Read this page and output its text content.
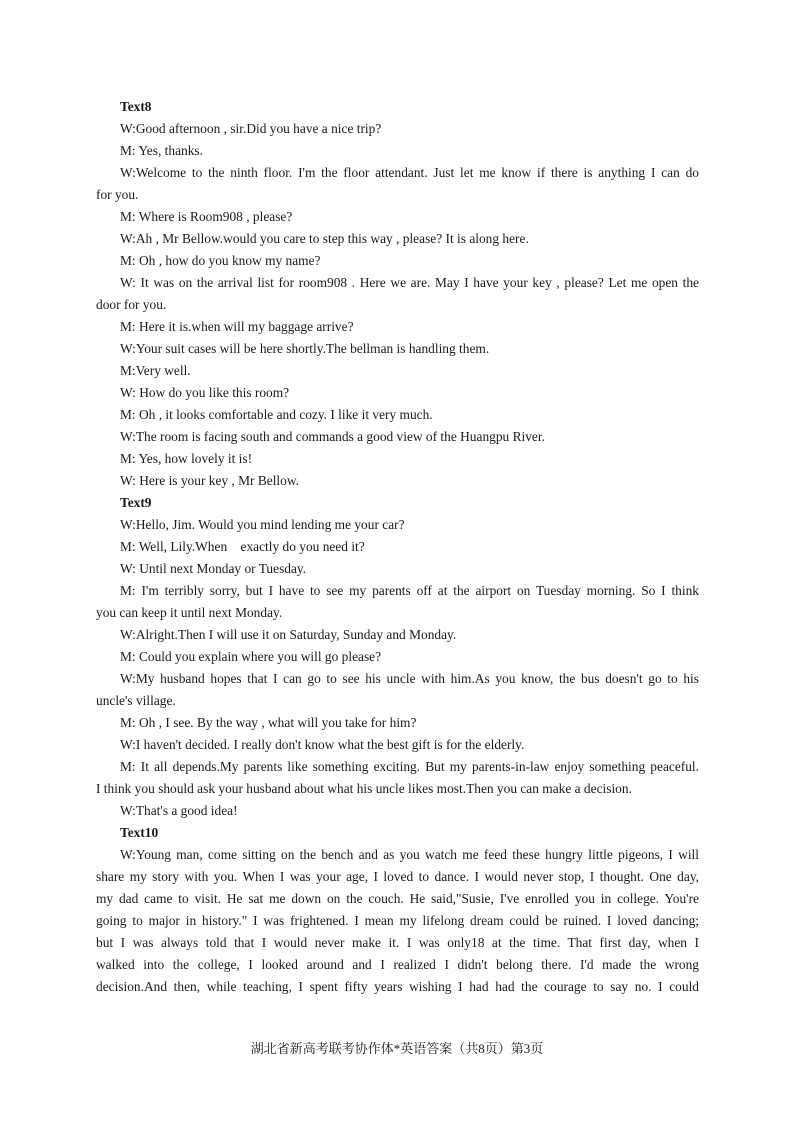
Text8
W:Good afternoon , sir.Did you have a nice trip?
M: Yes, thanks.
W:Welcome to the ninth floor. I'm the floor attendant. Just let me know if there is anything I can do
for you.
M: Where is Room908 , please?
W:Ah , Mr Bellow.would you care to step this way , please? It is along here.
M: Oh , how do you know my name?
W: It was on the arrival list for room908 . Here we are. May I have your key , please? Let me open the
door for you.
M: Here it is.when will my baggage arrive?
W:Your suit cases will be here shortly.The bellman is handling them.
M:Very well.
W: How do you like this room?
M: Oh , it looks comfortable and cozy. I like it very much.
W:The room is facing south and commands a good view of the Huangpu River.
M: Yes, how lovely it is!
W: Here is your key , Mr Bellow.
Text9
W:Hello, Jim. Would you mind lending me your car?
M: Well, Lily.When    exactly do you need it?
W: Until next Monday or Tuesday.
M: I'm terribly sorry, but I have to see my parents off at the airport on Tuesday morning. So I think
you can keep it until next Monday.
W:Alright.Then I will use it on Saturday, Sunday and Monday.
M: Could you explain where you will go please?
W:My husband hopes that I can go to see his uncle with him.As you know, the bus doesn't go to his
uncle's village.
M: Oh , I see. By the way , what will you take for him?
W:I haven't decided. I really don't know what the best gift is for the elderly.
M: It all depends.My parents like something exciting. But my parents-in-law enjoy something peaceful.
I think you should ask your husband about what his uncle likes most.Then you can make a decision.
W:That's a good idea!
Text10
W:Young man, come sitting on the bench and as you watch me feed these hungry little pigeons, I will
share my story with you. When I was your age, I loved to dance. I would never stop, I thought. One day,
my dad came to visit. He sat me down on the couch. He said,"Susie, I've enrolled you in college. You're
going to major in history." I was frightened. I mean my lifelong dream could be ruined. I loved dancing;
but I was always told that I would never make it. I was only18 at the time. That first day, when I
walked into the college, I looked around and I realized I didn't belong there. I'd made the wrong
decision.And then, while teaching, I spent fifty years wishing I had had the courage to say no. I could
湖北省新高考联考协作体*英语答案（共8页）第3页
